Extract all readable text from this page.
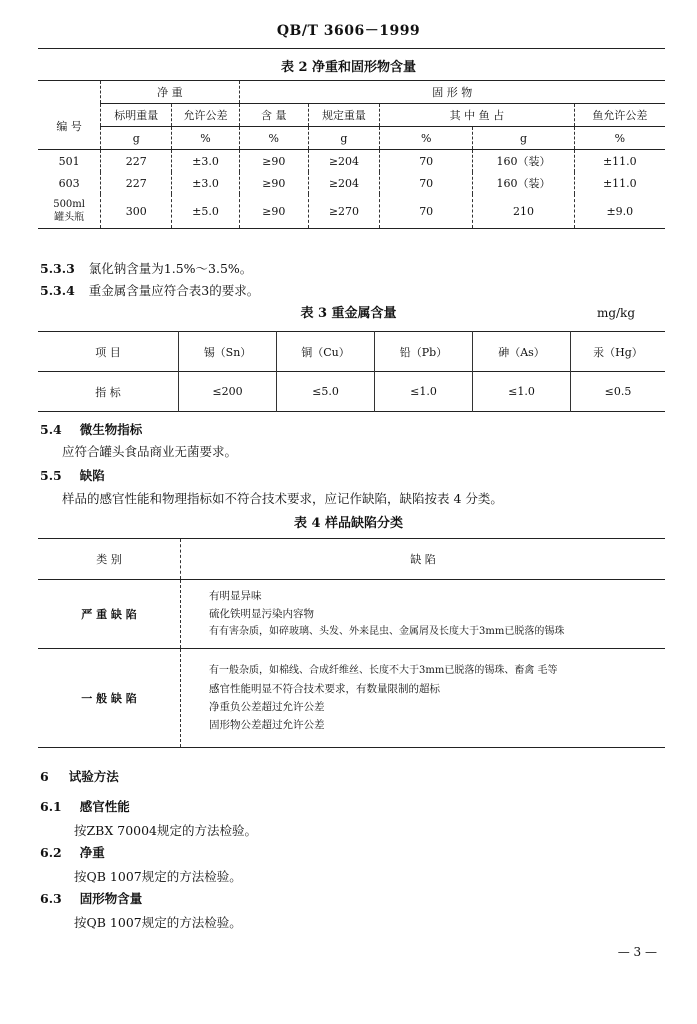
QB/T 3606－1999
表 2 净重和固形物含量
	净 重		固 形 物				
编 号	标明重量	允许公差	含 量	规定重量	其 中 鱼 占		鱼允许公差
	g	%	%	g	%	g	%
501	227	±3.0	≥90	≥204	70	160（装）	±11.0
603	227	±3.0	≥90	≥204	70	160（装）	±11.0
500ml
罐头瓶	300	±5.0	≥90	≥270	70	210	±9.0
5.3.3 氯化钠含量为1.5%～3.5%。
5.3.4 重金属含量应符合表3的要求。
表 3 重金属含量	mg/kg
项 目	锡（Sn）	铜（Cu）	铅（Pb）	砷（As）	汞（Hg）
指 标	≤200	≤5.0	≤1.0	≤1.0	≤0.5
5.4 微生物指标
应符合罐头食品商业无菌要求。
5.5 缺陷
样品的感官性能和物理指标如不符合技术要求，应记作缺陷，缺陷按表 4 分类。
表 4 样品缺陷分类
类 别	缺 陷
严 重 缺 陷	有明显异味
硫化铁明显污染内容物
有有害杂质，如碎玻璃、头发、外来昆虫、金属屑及长度大于3mm已脱落的锡珠

一 般 缺 陷	有一般杂质，如棉线、合成纤维丝、长度不大于3mm已脱落的锡珠、畜禽 毛等
感官性能明显不符合技术要求，有数量限制的超标
净重负公差超过允许公差
固形物公差超过允许公差
6 试验方法
6.1 感官性能
按ZBX 70004规定的方法检验。
6.2 净重
按QB 1007规定的方法检验。
6.3 固形物含量
按QB 1007规定的方法检验。
— 3 —
